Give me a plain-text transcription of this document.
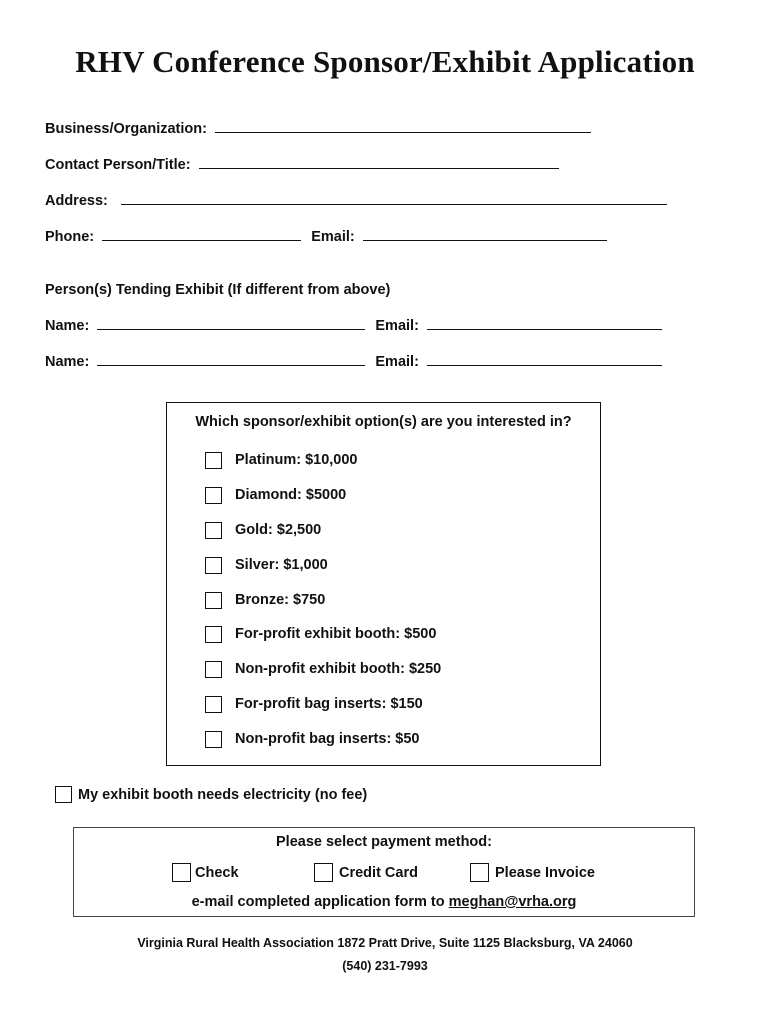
RHV Conference Sponsor/Exhibit Application
Business/Organization:
Contact Person/Title:
Address:
Phone:	Email:
Person(s) Tending Exhibit (If different from above)
Name:	Email:
Name:	Email:
Which sponsor/exhibit option(s) are you interested in?
Platinum: $10,000
Diamond: $5000
Gold: $2,500
Silver: $1,000
Bronze: $750
For-profit exhibit booth: $500
Non-profit exhibit booth: $250
For-profit bag inserts: $150
Non-profit bag inserts: $50
My exhibit booth needs electricity (no fee)
Please select payment method:
Check	Credit Card	Please Invoice
e-mail completed application form to meghan@vrha.org
Virginia Rural Health Association 1872 Pratt Drive, Suite 1125 Blacksburg, VA 24060
(540) 231-7993
